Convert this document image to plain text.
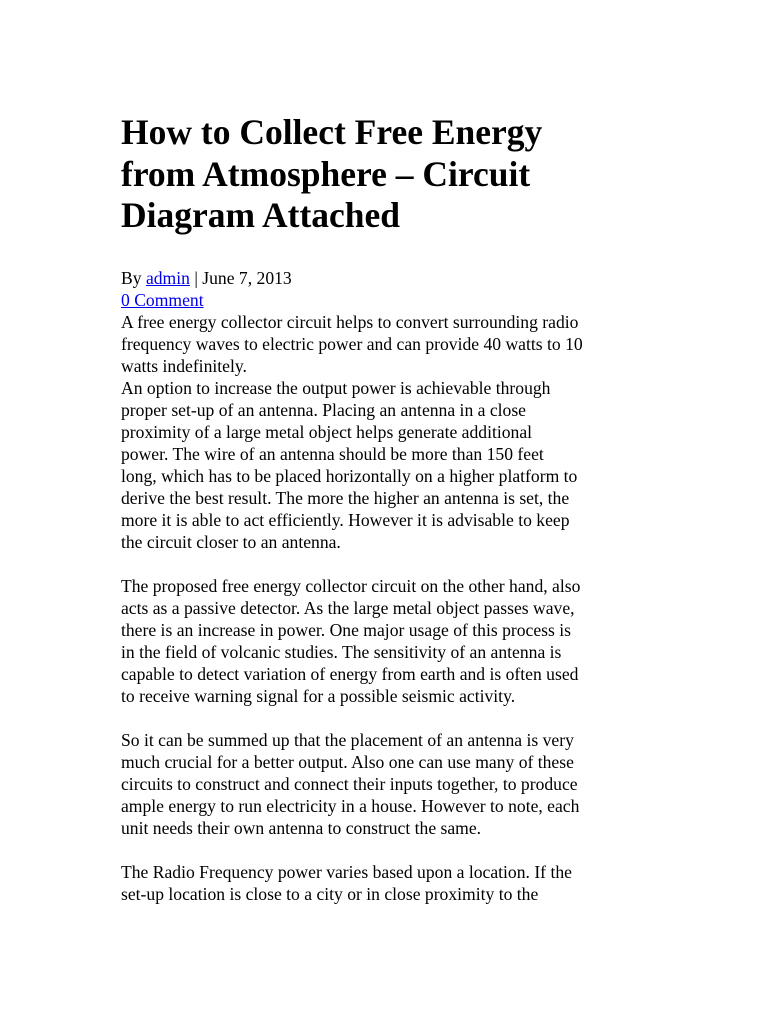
How to Collect Free Energy
from Atmosphere – Circuit
Diagram Attached
By admin | June 7, 2013
0 Comment

A free energy collector circuit helps to convert surrounding radio
frequency waves to electric power and can provide 40 watts to 10
watts indefinitely.

An option to increase the output power is achievable through
proper set-up of an antenna. Placing an antenna in a close
proximity of a large metal object helps generate additional
power. The wire of an antenna should be more than 150 feet
long, which has to be placed horizontally on a higher platform to
derive the best result. The more the higher an antenna is set, the
more it is able to act efficiently. However it is advisable to keep
the circuit closer to an antenna.

The proposed free energy collector circuit on the other hand, also
acts as a passive detector. As the large metal object passes wave,
there is an increase in power. One major usage of this process is
in the field of volcanic studies. The sensitivity of an antenna is
capable to detect variation of energy from earth and is often used
to receive warning signal for a possible seismic activity.

So it can be summed up that the placement of an antenna is very
much crucial for a better output. Also one can use many of these
circuits to construct and connect their inputs together, to produce
ample energy to run electricity in a house. However to note, each
unit needs their own antenna to construct the same.

The Radio Frequency power varies based upon a location. If the
set-up location is close to a city or in close proximity to the
